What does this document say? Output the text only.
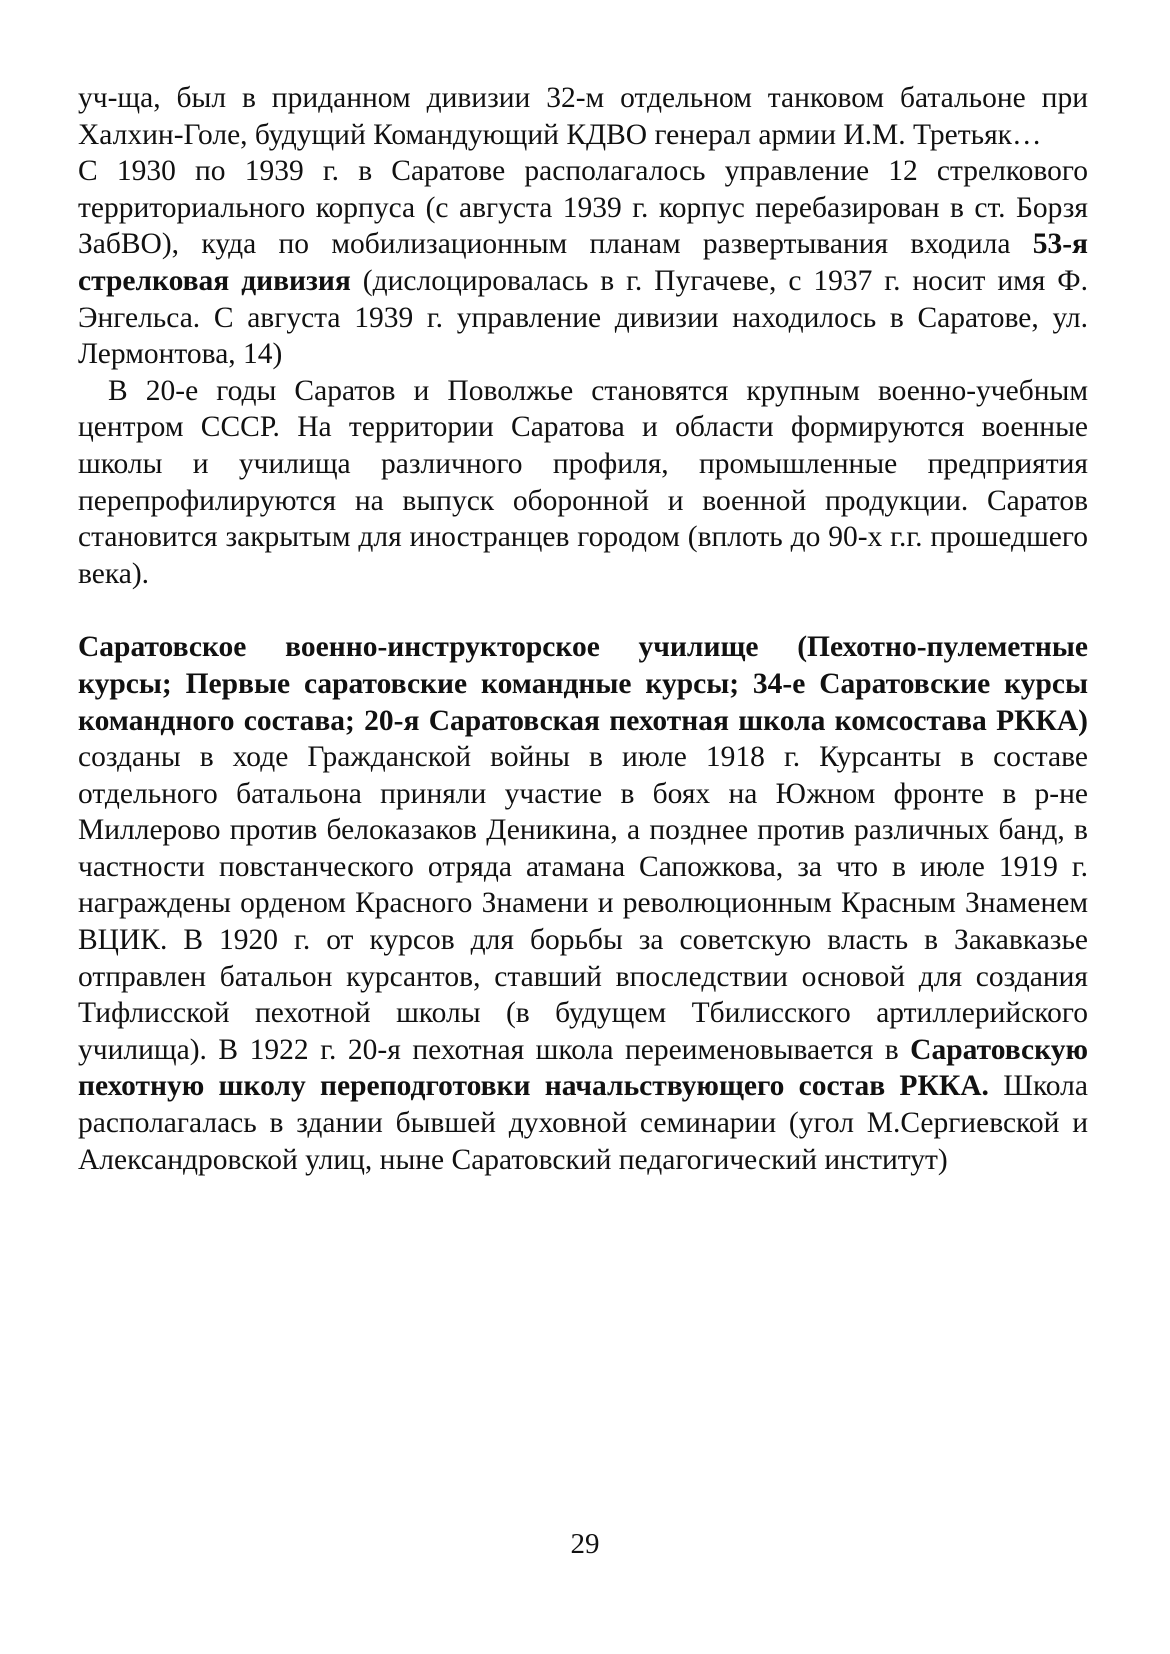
уч-ща, был в приданном дивизии 32-м отдельном танковом батальоне при Халхин-Голе, будущий Командующий КДВО генерал армии И.М. Третьяк…

С 1930 по 1939 г. в Саратове располагалось управление 12 стрелкового территориального корпуса (с августа 1939 г. корпус перебазирован в ст. Борзя ЗабВО), куда по мобилизационным планам развертывания входила 53-я стрелковая дивизия (дислоцировалась в г. Пугачеве, с 1937 г. носит имя Ф. Энгельса. С августа 1939 г. управление дивизии находилось в Саратове, ул. Лермонтова, 14)

В 20-е годы Саратов и Поволжье становятся крупным военно-учебным центром СССР. На территории Саратова и области формируются военные школы и училища различного профиля, промышленные предприятия перепрофилируются на выпуск оборонной и военной продукции. Саратов становится закрытым для иностранцев городом (вплоть до 90-х г.г. прошедшего века).

Саратовское военно-инструкторское училище (Пехотно-пулеметные курсы; Первые саратовские командные курсы; 34-е Саратовские курсы командного состава; 20-я Саратовская пехотная школа комсостава РККА) созданы в ходе Гражданской войны в июле 1918 г. Курсанты в составе отдельного батальона приняли участие в боях на Южном фронте в р-не Миллерово против белоказаков Деникина, а позднее против различных банд, в частности повстанческого отряда атамана Сапожкова, за что в июле 1919 г. награждены орденом Красного Знамени и революционным Красным Знаменем ВЦИК. В 1920 г. от курсов для борьбы за советскую власть в Закавказье отправлен батальон курсантов, ставший впоследствии основой для создания Тифлисской пехотной школы (в будущем Тбилисского артиллерийского училища). В 1922 г. 20-я пехотная школа переименовывается в Саратовскую пехотную школу переподготовки начальствующего состав РККА. Школа располагалась в здании бывшей духовной семинарии (угол М.Сергиевской и Александровской улиц, ныне Саратовский педагогический институт)

29
